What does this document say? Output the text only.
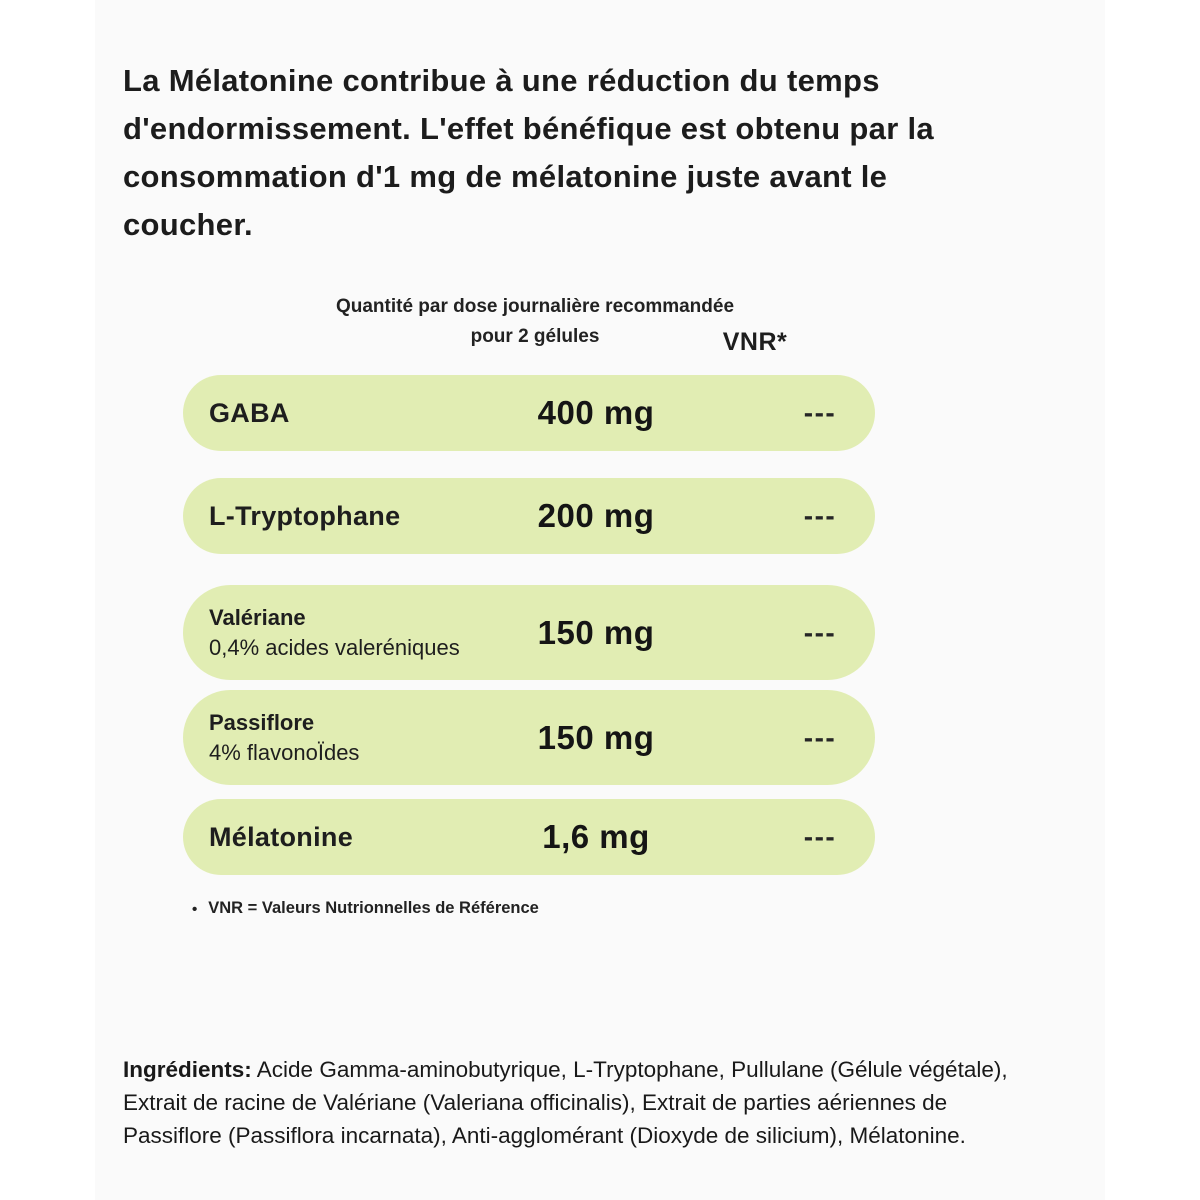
La Mélatonine contribue à une réduction du temps d'endormissement. L'effet bénéfique est obtenu par la consommation d'1 mg de mélatonine juste avant le coucher.

Quantité par dose journalière recommandée
pour 2 gélules	VNR*
GABA	400 mg	---
L-Tryptophane	200 mg	---
Valériane
0,4% acides valeréniques	150 mg	---
Passiflore
4% flavonoÏdes	150 mg	---
Mélatonine	1,6 mg	---
• VNR = Valeurs Nutrionnelles de Référence

Ingrédients: Acide Gamma-aminobutyrique, L-Tryptophane, Pullulane (Gélule végétale), Extrait de racine de Valériane (Valeriana officinalis), Extrait de parties aériennes de Passiflore (Passiflora incarnata), Anti-agglomérant (Dioxyde de silicium), Mélatonine.
